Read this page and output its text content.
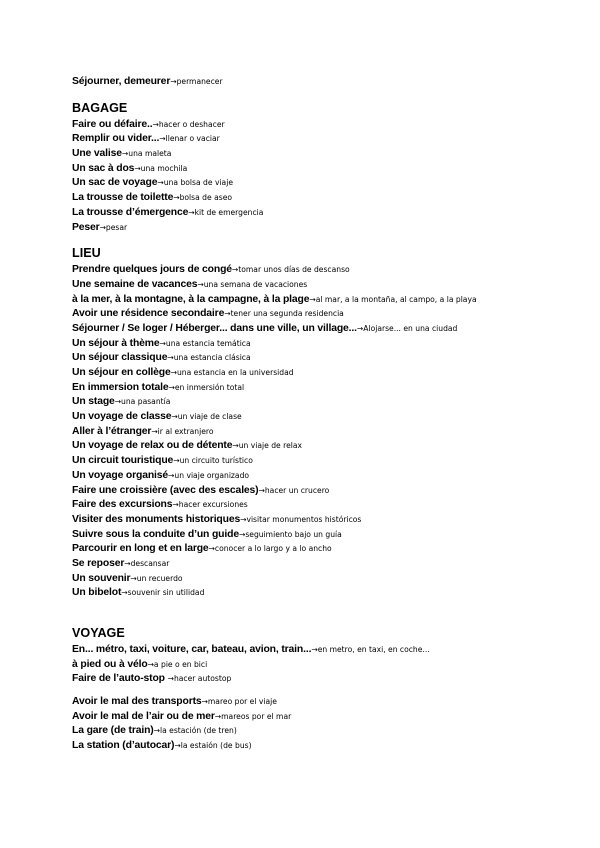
Séjourner, demeurer→permanecer
BAGAGE
Faire ou défaire..→hacer o deshacer
Remplir ou vider...→llenar o vaciar
Une valise→una maleta
Un sac à dos→una mochila
Un sac de voyage→una bolsa de viaje
La trousse de toilette→bolsa de aseo
La trousse d’émergence→kit de emergencia
Peser→pesar
LIEU
Prendre quelques jours de congé→tomar unos días de descanso
Une semaine de vacances→una semana de vacaciones
à la mer, à la montagne, à la campagne, à la plage→al mar, a la montaña, al campo, a la playa
Avoir une résidence secondaire→tener una segunda residencia
Séjourner / Se loger / Héberger... dans une ville, un village...→Alojarse... en una ciudad
Un séjour à thème→una estancia temática
Un séjour classique→una estancia clásica
Un séjour en collège→una estancia en la universidad
En immersion totale→en inmersión total
Un stage→una pasantía
Un voyage de classe→un viaje de clase
Aller à l’étranger→ir al extranjero
Un voyage de relax ou de détente→un viaje de relax
Un circuit touristique→un circuito turístico
Un voyage organisé→un viaje organizado
Faire une croissière (avec des escales)→hacer un crucero
Faire des excursions→hacer excursiones
Visiter des monuments historiques→visitar monumentos históricos
Suivre sous la conduite d’un guide→seguimiento bajo un guía
Parcourir en long et en large→conocer a lo largo y a lo ancho
Se reposer→descansar
Un souvenir→un recuerdo
Un bibelot→souvenir sin utilidad
VOYAGE
En... métro, taxi, voiture, car, bateau, avion, train...→en metro, en taxi, en coche...
à pied ou à vélo→a pie o en bici
Faire de l’auto-stop →hacer autostop
Avoir le mal des transports→mareo por el viaje
Avoir le mal de l’air ou de mer→mareos por el mar
La gare (de train)→la estación (de tren)
La station (d’autocar)→la estaión (de bus)
